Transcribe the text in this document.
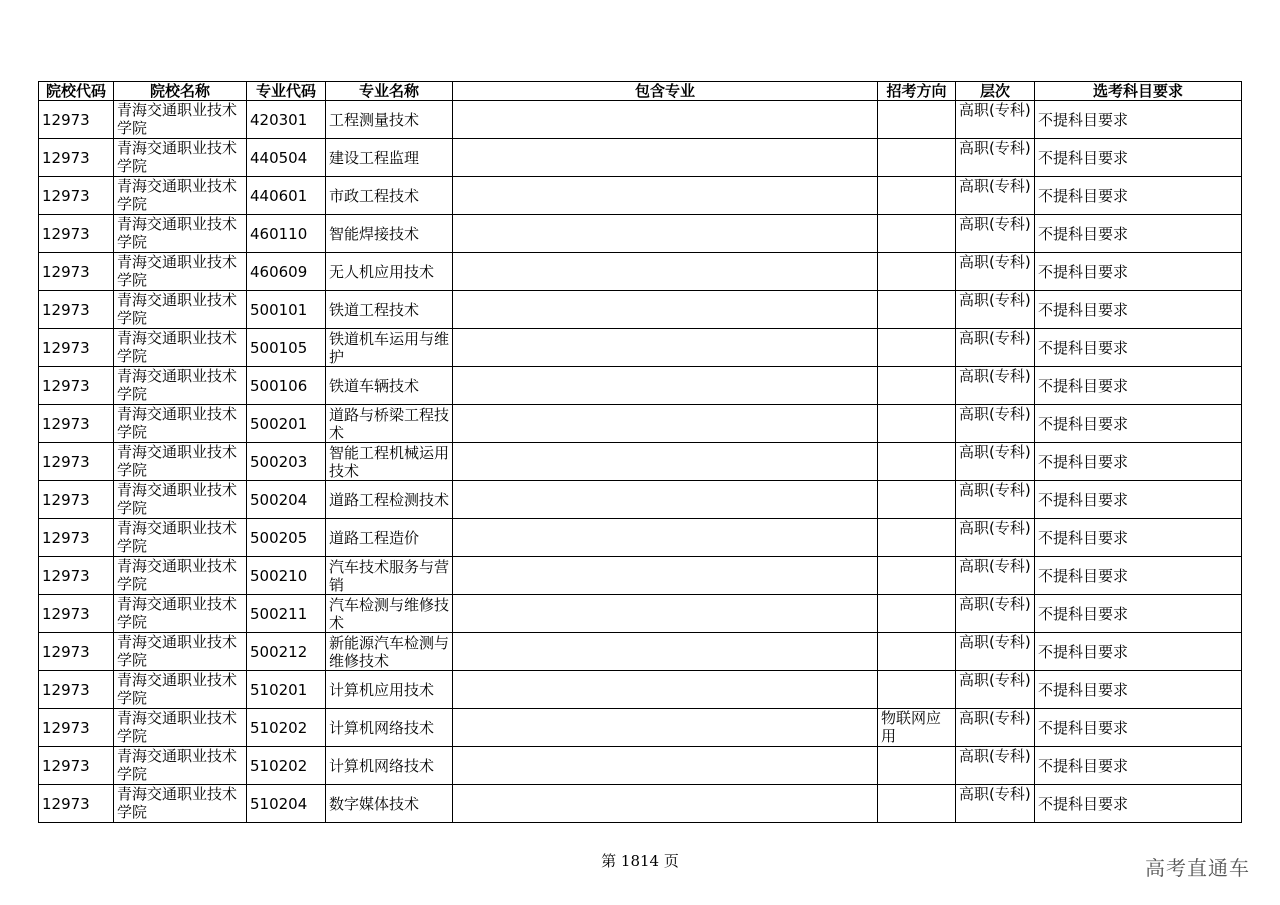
院校代码	院校名称	专业代码	专业名称	包含专业	招考方向	层次	选考科目要求
12973	青海交通职业技术学院	420301	工程测量技术			高职(专科)	不提科目要求
12973	青海交通职业技术学院	440504	建设工程监理			高职(专科)	不提科目要求
12973	青海交通职业技术学院	440601	市政工程技术			高职(专科)	不提科目要求
12973	青海交通职业技术学院	460110	智能焊接技术			高职(专科)	不提科目要求
12973	青海交通职业技术学院	460609	无人机应用技术			高职(专科)	不提科目要求
12973	青海交通职业技术学院	500101	铁道工程技术			高职(专科)	不提科目要求
12973	青海交通职业技术学院	500105	铁道机车运用与维护			高职(专科)	不提科目要求
12973	青海交通职业技术学院	500106	铁道车辆技术			高职(专科)	不提科目要求
12973	青海交通职业技术学院	500201	道路与桥梁工程技术			高职(专科)	不提科目要求
12973	青海交通职业技术学院	500203	智能工程机械运用技术			高职(专科)	不提科目要求
12973	青海交通职业技术学院	500204	道路工程检测技术			高职(专科)	不提科目要求
12973	青海交通职业技术学院	500205	道路工程造价			高职(专科)	不提科目要求
12973	青海交通职业技术学院	500210	汽车技术服务与营销			高职(专科)	不提科目要求
12973	青海交通职业技术学院	500211	汽车检测与维修技术			高职(专科)	不提科目要求
12973	青海交通职业技术学院	500212	新能源汽车检测与维修技术			高职(专科)	不提科目要求
12973	青海交通职业技术学院	510201	计算机应用技术			高职(专科)	不提科目要求
12973	青海交通职业技术学院	510202	计算机网络技术		物联网应用	高职(专科)	不提科目要求
12973	青海交通职业技术学院	510202	计算机网络技术			高职(专科)	不提科目要求
12973	青海交通职业技术学院	510204	数字媒体技术			高职(专科)	不提科目要求
第 1814 页	高考直通车
